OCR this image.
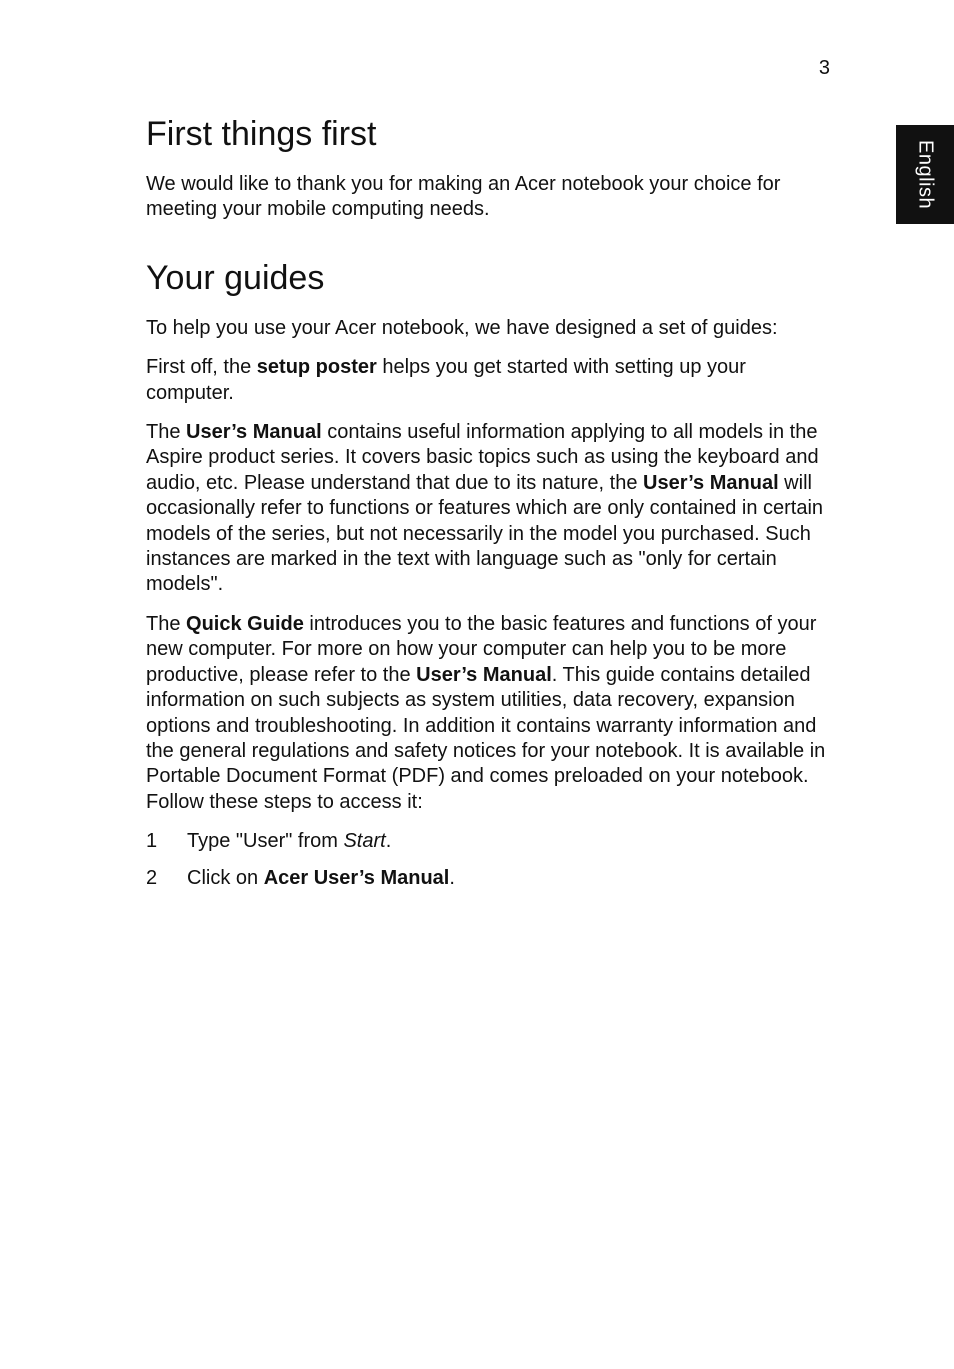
3
English
First things first

We would like to thank you for making an Acer notebook your choice for meeting your mobile computing needs.

Your guides

To help you use your Acer notebook, we have designed a set of guides:

First off, the setup poster helps you get started with setting up your computer.

The User’s Manual contains useful information applying to all models in the Aspire product series. It covers basic topics such as using the keyboard and audio, etc. Please understand that due to its nature, the User’s Manual will occasionally refer to functions or features which are only contained in certain models of the series, but not necessarily in the model you purchased. Such instances are marked in the text with language such as "only for certain models".

The Quick Guide introduces you to the basic features and functions of your new computer. For more on how your computer can help you to be more productive, please refer to the User’s Manual. This guide contains detailed information on such subjects as system utilities, data recovery, expansion options and troubleshooting. In addition it contains warranty information and the general regulations and safety notices for your notebook. It is available in Portable Document Format (PDF) and comes preloaded on your notebook. Follow these steps to access it:

1	Type "User" from Start.
2	Click on Acer User’s Manual.
